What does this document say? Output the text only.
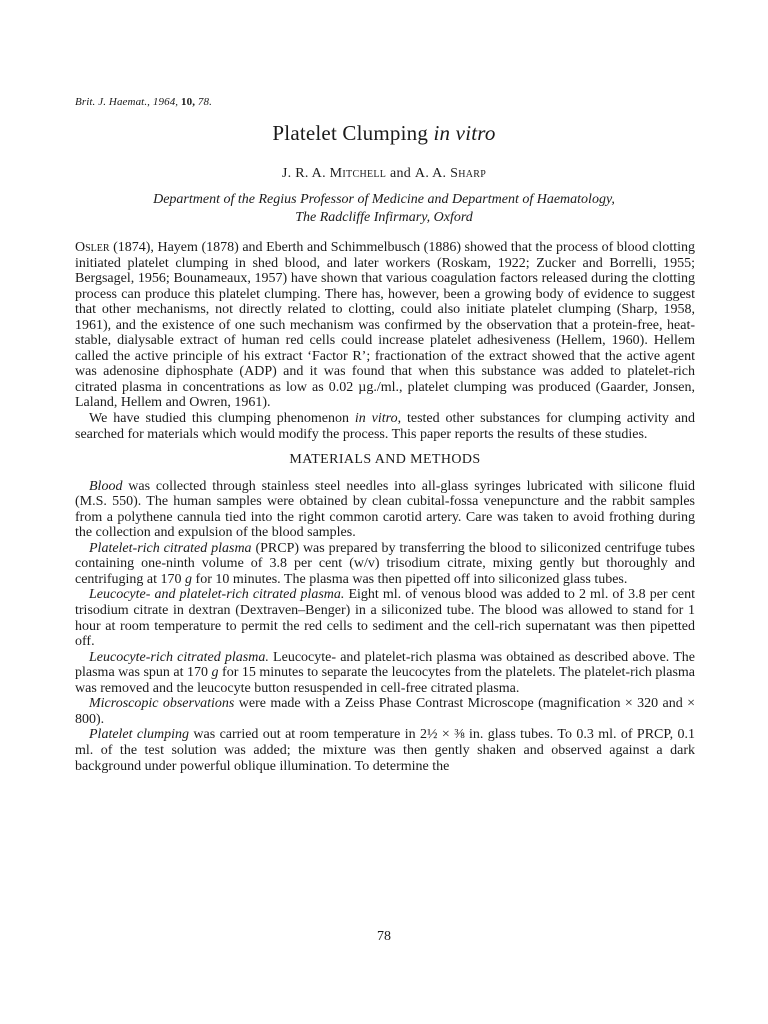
Brit. J. Haemat., 1964, 10, 78.
Platelet Clumping in vitro
J. R. A. Mitchell and A. A. Sharp
Department of the Regius Professor of Medicine and Department of Haematology,
The Radcliffe Infirmary, Oxford

Osler (1874), Hayem (1878) and Eberth and Schimmelbusch (1886) showed that the process of blood clotting initiated platelet clumping in shed blood, and later workers (Roskam, 1922; Zucker and Borrelli, 1955; Bergsagel, 1956; Bounameaux, 1957) have shown that various coagulation factors released during the clotting process can produce this platelet clumping. There has, however, been a growing body of evidence to suggest that other mechanisms, not directly related to clotting, could also initiate platelet clumping (Sharp, 1958, 1961), and the existence of one such mechanism was confirmed by the observation that a protein-free, heat-stable, dialysable extract of human red cells could increase platelet adhesiveness (Hellem, 1960). Hellem called the active principle of his extract ‘Factor R’; fractionation of the extract showed that the active agent was adenosine diphosphate (ADP) and it was found that when this substance was added to platelet-rich citrated plasma in concentrations as low as 0.02 µg./ml., platelet clumping was produced (Gaarder, Jonsen, Laland, Hellem and Owren, 1961).

We have studied this clumping phenomenon in vitro, tested other substances for clumping activity and searched for materials which would modify the process. This paper reports the results of these studies.

MATERIALS AND METHODS

Blood was collected through stainless steel needles into all-glass syringes lubricated with silicone fluid (M.S. 550). The human samples were obtained by clean cubital-fossa venepuncture and the rabbit samples from a polythene cannula tied into the right common carotid artery. Care was taken to avoid frothing during the collection and expulsion of the blood samples.

Platelet-rich citrated plasma (PRCP) was prepared by transferring the blood to siliconized centrifuge tubes containing one-ninth volume of 3.8 per cent (w/v) trisodium citrate, mixing gently but thoroughly and centrifuging at 170 g for 10 minutes. The plasma was then pipetted off into siliconized glass tubes.

Leucocyte- and platelet-rich citrated plasma. Eight ml. of venous blood was added to 2 ml. of 3.8 per cent trisodium citrate in dextran (Dextraven–Benger) in a siliconized tube. The blood was allowed to stand for 1 hour at room temperature to permit the red cells to sediment and the cell-rich supernatant was then pipetted off.

Leucocyte-rich citrated plasma. Leucocyte- and platelet-rich plasma was obtained as described above. The plasma was spun at 170 g for 15 minutes to separate the leucocytes from the platelets. The platelet-rich plasma was removed and the leucocyte button resuspended in cell-free citrated plasma.

Microscopic observations were made with a Zeiss Phase Contrast Microscope (magnification × 320 and × 800).

Platelet clumping was carried out at room temperature in 2½ × ⅜ in. glass tubes. To 0.3 ml. of PRCP, 0.1 ml. of the test solution was added; the mixture was then gently shaken and observed against a dark background under powerful oblique illumination. To determine the

78
